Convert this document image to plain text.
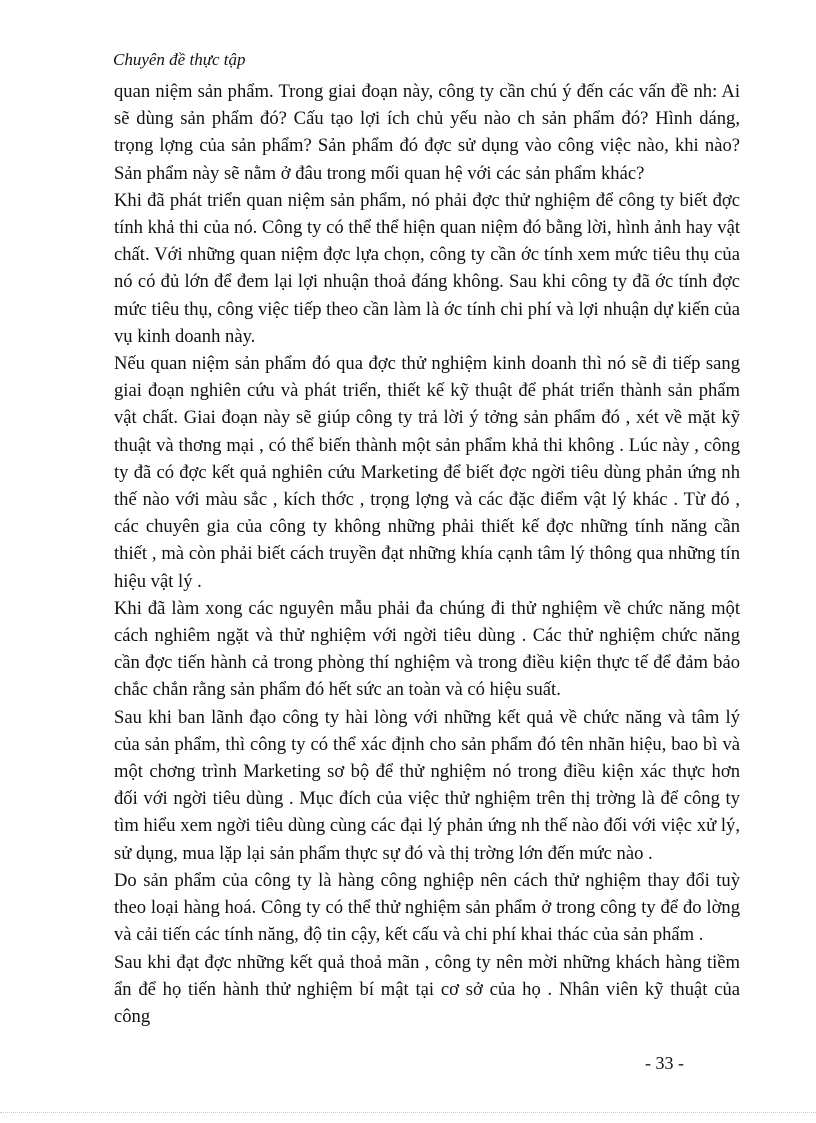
Chuyên đề thực tập

quan niệm sản phẩm. Trong giai đoạn này, công ty cần chú ý đến các vấn đề nh: Ai sẽ dùng sản phẩm đó? Cấu tạo lợi ích chủ yếu nào ch sản phẩm đó? Hình dáng, trọng lợng của sản phẩm? Sản phẩm đó đợc sử dụng vào công việc nào, khi nào? Sản phẩm này sẽ nằm ở đâu trong mối quan hệ với các sản phẩm khác?

Khi đã phát triển quan niệm sản phẩm, nó phải đợc thử nghiệm để công ty biết đợc tính khả thi của nó. Công ty có thể thể hiện quan niệm đó bằng lời, hình ảnh hay vật chất. Với những quan niệm đợc lựa chọn, công ty cần ớc tính xem mức tiêu thụ của nó có đủ lớn để đem lại lợi nhuận thoả đáng không. Sau khi công ty đã ớc tính đợc mức tiêu thụ, công việc tiếp theo cần làm là ớc tính chi phí và lợi nhuận dự kiến của vụ kinh doanh này.

Nếu quan niệm sản phẩm đó qua đợc thử nghiệm kinh doanh thì nó sẽ đi tiếp sang giai đoạn nghiên cứu và phát triển, thiết kế kỹ thuật để phát triển thành sản phẩm vật chất. Giai đoạn này sẽ giúp công ty trả lời ý tởng sản phẩm đó , xét về mặt kỹ thuật và thơng mại , có thể biến thành một sản phẩm khả thi không . Lúc này , công ty đã có đợc kết quả nghiên cứu Marketing để biết đợc ngời tiêu dùng phản ứng nh thế nào với màu sắc , kích thớc , trọng lợng và các đặc điểm vật lý khác . Từ đó , các chuyên gia của công ty không những phải thiết kế đợc những tính năng cần thiết , mà còn phải biết cách truyền đạt những khía cạnh tâm lý thông qua những tín hiệu vật lý .

Khi đã làm xong các nguyên mẫu phải đa chúng đi thử nghiệm về chức năng một cách nghiêm ngặt và thử nghiệm với ngời tiêu dùng . Các thử nghiệm chức năng cần đợc tiến hành cả trong phòng thí nghiệm và trong điều kiện thực tế để đảm bảo chắc chắn rằng sản phẩm đó hết sức an toàn và có hiệu suất.

Sau khi ban lãnh đạo công ty hài lòng với những kết quả về chức năng và tâm lý của sản phẩm, thì công ty có thể xác định cho sản phẩm đó tên nhãn hiệu, bao bì và một chơng trình Marketing sơ bộ để thử nghiệm nó trong điều kiện xác thực hơn đối với ngời tiêu dùng . Mục đích của việc thử nghiệm trên thị trờng là để công ty tìm hiểu xem ngời tiêu dùng cùng các đại lý phản ứng nh thế nào đối với việc xử lý, sử dụng, mua lặp lại sản phẩm thực sự đó và thị trờng lớn đến mức nào .

Do sản phẩm của công ty là hàng công nghiệp nên cách thử nghiệm thay đổi tuỳ theo loại hàng hoá. Công ty có thể thử nghiệm sản phẩm ở trong công ty để đo lờng và cải tiến các tính năng, độ tin cậy, kết cấu và chi phí khai thác của sản phẩm .

Sau khi đạt đợc những kết quả thoả mãn , công ty nên mời những khách hàng tiềm ẩn để họ tiến hành thử nghiệm bí mật tại cơ sở của họ . Nhân viên kỹ thuật của công

- 33 -
